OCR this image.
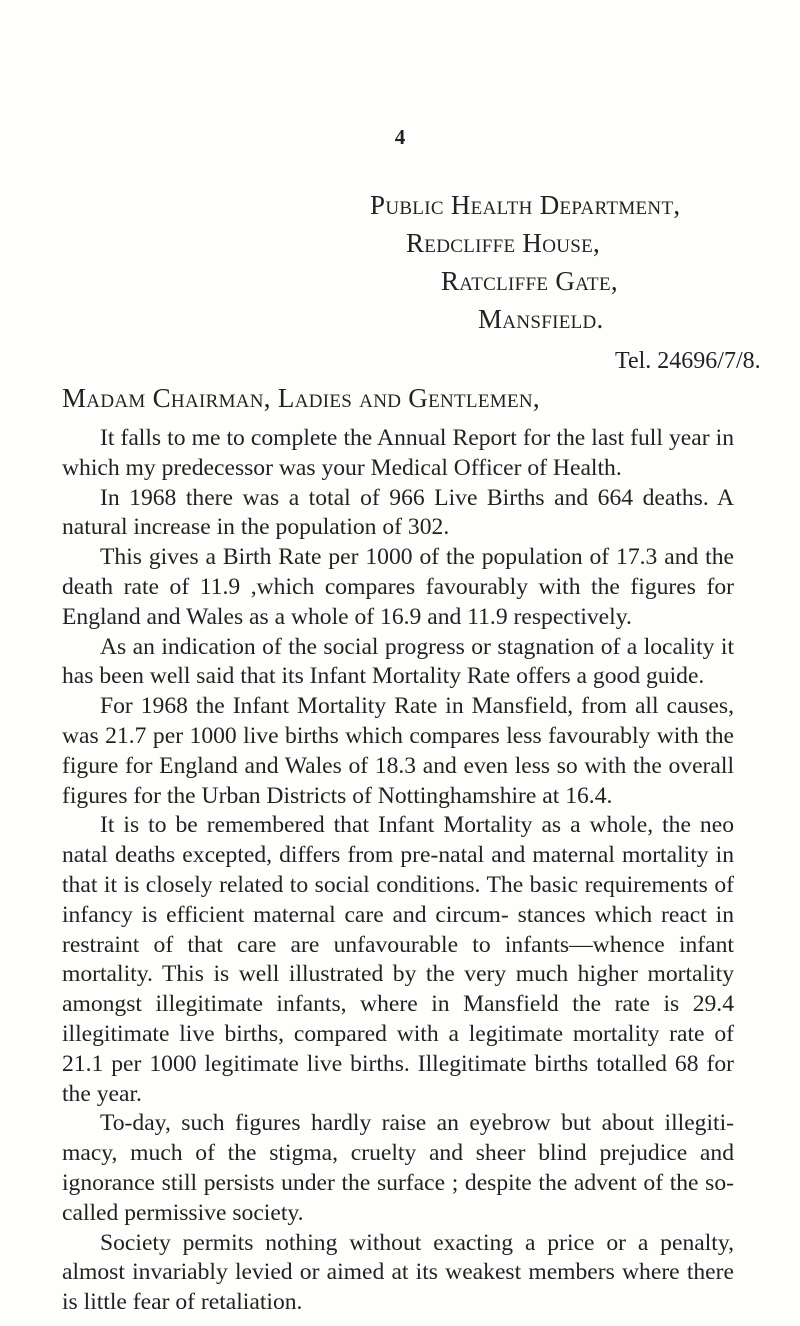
4
Public Health Department,
Redcliffe House,
Ratcliffe Gate,
Mansfield.
Tel. 24696/7/8.
Madam Chairman, Ladies and Gentlemen,

It falls to me to complete the Annual Report for the last full year in which my predecessor was your Medical Officer of Health.

In 1968 there was a total of 966 Live Births and 664 deaths. A natural increase in the population of 302.

This gives a Birth Rate per 1000 of the population of 17.3 and the death rate of 11.9 ,which compares favourably with the figures for England and Wales as a whole of 16.9 and 11.9 respectively.

As an indication of the social progress or stagnation of a locality it has been well said that its Infant Mortality Rate offers a good guide.

For 1968 the Infant Mortality Rate in Mansfield, from all causes, was 21.7 per 1000 live births which compares less favourably with the figure for England and Wales of 18.3 and even less so with the overall figures for the Urban Districts of Nottinghamshire at 16.4.

It is to be remembered that Infant Mortality as a whole, the neo natal deaths excepted, differs from pre-natal and maternal mortality in that it is closely related to social conditions. The basic requirements of infancy is efficient maternal care and circum- stances which react in restraint of that care are unfavourable to infants—whence infant mortality. This is well illustrated by the very much higher mortality amongst illegitimate infants, where in Mansfield the rate is 29.4 illegitimate live births, compared with a legitimate mortality rate of 21.1 per 1000 legitimate live births. Illegitimate births totalled 68 for the year.

To-day, such figures hardly raise an eyebrow but about illegiti- macy, much of the stigma, cruelty and sheer blind prejudice and ignorance still persists under the surface ; despite the advent of the so-called permissive society.

Society permits nothing without exacting a price or a penalty, almost invariably levied or aimed at its weakest members where there is little fear of retaliation.
